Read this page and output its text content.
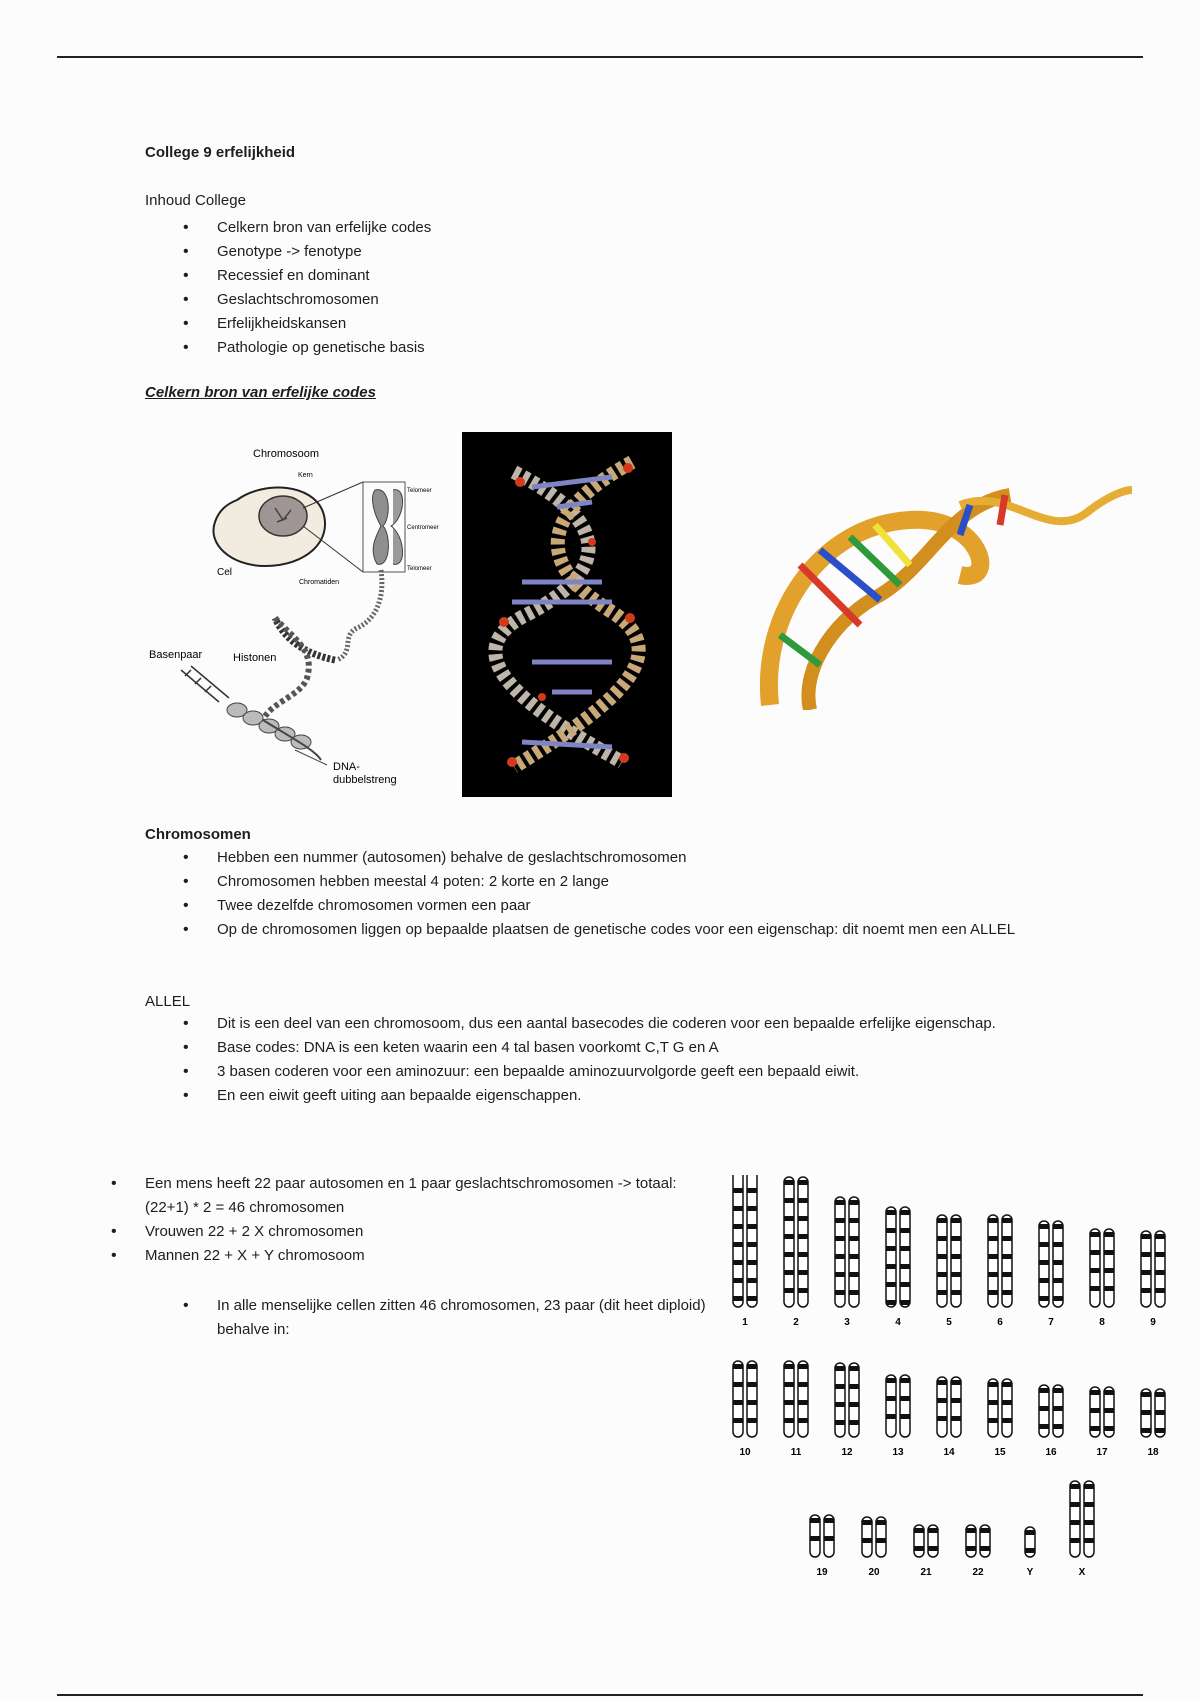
College 9 erfelijkheid
Inhoud College
• Celkern bron van erfelijke codes
• Genotype -> fenotype
• Recessief en dominant
• Geslachtschromosomen
• Erfelijkheidskansen
• Pathologie op genetische basis
Celkern bron van erfelijke codes
Chromosoom
Kern
Telomeer
Centromeer
Telomeer
Cel
Chromatiden
Basenpaar	Histonen
DNA-
dubbelstreng
Chromosomen
• Hebben een nummer (autosomen) behalve de geslachtschromosomen
• Chromosomen hebben meestal 4 poten: 2 korte en 2 lange
• Twee dezelfde chromosomen vormen een paar
• Op de chromosomen liggen op bepaalde plaatsen de genetische codes voor een eigenschap: dit noemt men een ALLEL
ALLEL
• Dit is een deel van een chromosoom, dus een aantal basecodes die coderen voor een bepaalde erfelijke eigenschap.
• Base codes: DNA is een keten waarin een 4 tal basen voorkomt C,T G en A
• 3 basen coderen voor een aminozuur: een bepaalde aminozuurvolgorde geeft een bepaald eiwit.
• En een eiwit geeft uiting aan bepaalde eigenschappen.
• Een mens heeft 22 paar autosomen en 1 paar geslachtschromosomen -> totaal: (22+1) * 2 = 46 chromosomen
• Vrouwen 22 + 2 X chromosomen
• Mannen 22 + X + Y chromosoom
• In alle menselijke cellen zitten 46 chromosomen, 23 paar (dit heet diploid) behalve in:	1	2	3	4	5	6	7	8	9
10	11	12	13	14	15	16	17	18
19	20	21	22	Y	X
